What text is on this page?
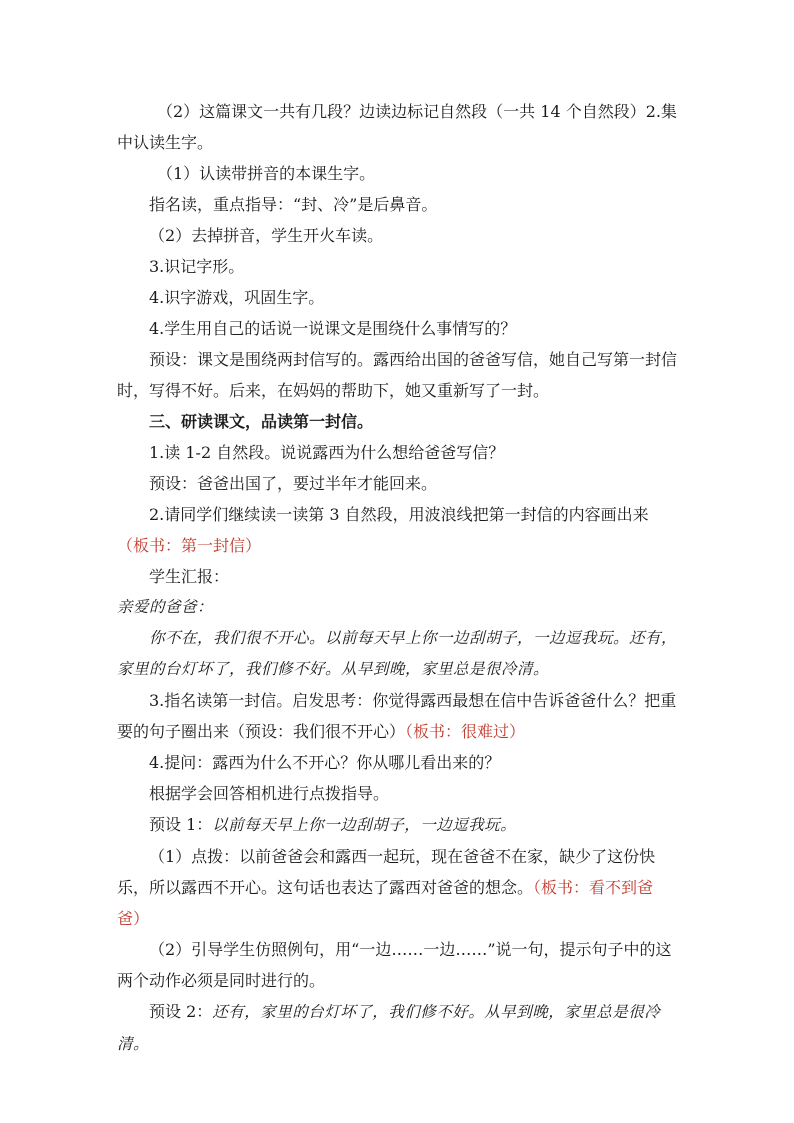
（2）这篇课文一共有几段？边读边标记自然段（一共 14 个自然段）2.集中认读生字。

（1）认读带拼音的本课生字。

指名读，重点指导：“封、冷”是后鼻音。

（2）去掉拼音，学生开火车读。

3.识记字形。

4.识字游戏，巩固生字。

4.学生用自己的话说一说课文是围绕什么事情写的？

预设：课文是围绕两封信写的。露西给出国的爸爸写信，她自己写第一封信时，写得不好。后来，在妈妈的帮助下，她又重新写了一封。

三、研读课文，品读第一封信。

1.读 1-2 自然段。说说露西为什么想给爸爸写信？

预设：爸爸出国了，要过半年才能回来。

2.请同学们继续读一读第 3 自然段，用波浪线把第一封信的内容画出来（板书：第一封信）

学生汇报：

亲爱的爸爸：

你不在，我们很不开心。以前每天早上你一边刮胡子，一边逗我玩。还有，家里的台灯坏了，我们修不好。从早到晚，家里总是很冷清。

3.指名读第一封信。启发思考：你觉得露西最想在信中告诉爸爸什么？把重要的句子圈出来（预设：我们很不开心）（板书：很难过）

4.提问：露西为什么不开心？你从哪儿看出来的？

根据学会回答相机进行点拨指导。

预设 1：以前每天早上你一边刮胡子，一边逗我玩。

（1）点拨：以前爸爸会和露西一起玩，现在爸爸不在家，缺少了这份快乐，所以露西不开心。这句话也表达了露西对爸爸的想念。（板书：看不到爸爸）

（2）引导学生仿照例句，用“一边……一边……”说一句，提示句子中的这两个动作必须是同时进行的。

预设 2：还有，家里的台灯坏了，我们修不好。从早到晚，家里总是很冷清。
